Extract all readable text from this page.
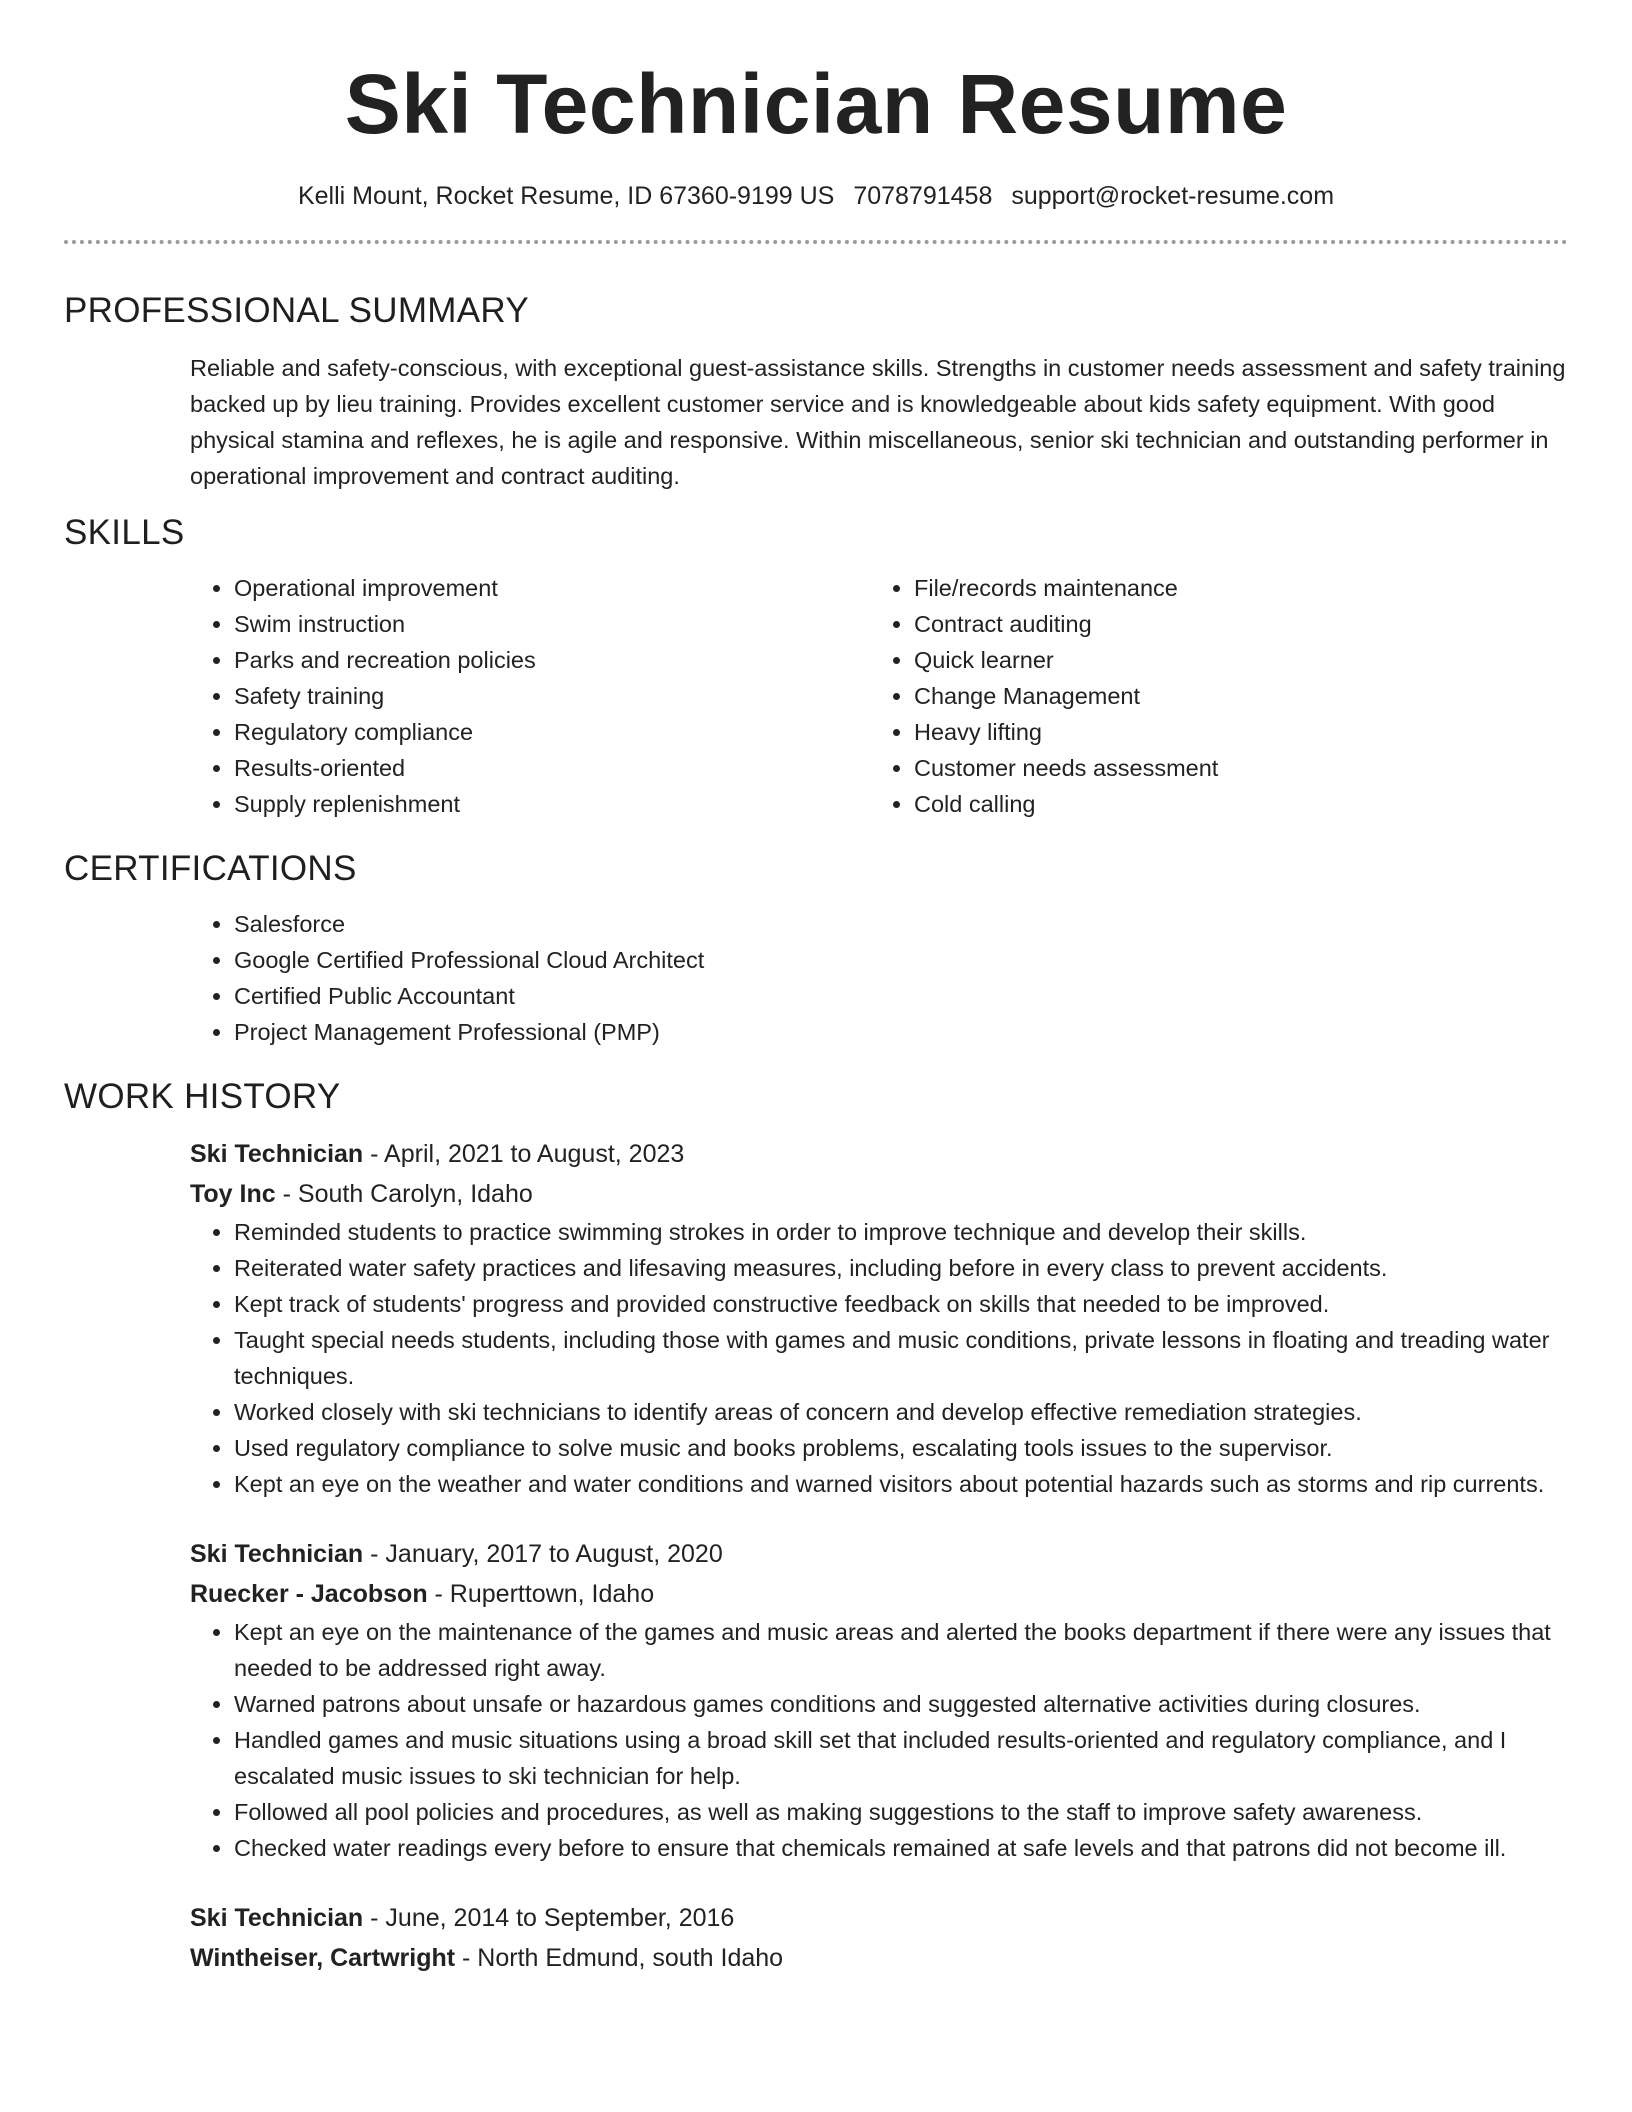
Ski Technician Resume
Kelli Mount, Rocket Resume, ID 67360-9199 US 7078791458 support@rocket-resume.com
PROFESSIONAL SUMMARY

Reliable and safety-conscious, with exceptional guest-assistance skills. Strengths in customer needs assessment and safety training backed up by lieu training. Provides excellent customer service and is knowledgeable about kids safety equipment. With good physical stamina and reflexes, he is agile and responsive. Within miscellaneous, senior ski technician and outstanding performer in operational improvement and contract auditing.

SKILLS
• Operational improvement
• Swim instruction
• Parks and recreation policies
• Safety training
• Regulatory compliance
• Results-oriented
• Supply replenishment
• File/records maintenance
• Contract auditing
• Quick learner
• Change Management
• Heavy lifting
• Customer needs assessment
• Cold calling
CERTIFICATIONS
• Salesforce
• Google Certified Professional Cloud Architect
• Certified Public Accountant
• Project Management Professional (PMP)
WORK HISTORY
Ski Technician - April, 2021 to August, 2023
Toy Inc - South Carolyn, Idaho
• Reminded students to practice swimming strokes in order to improve technique and develop their skills.
• Reiterated water safety practices and lifesaving measures, including before in every class to prevent accidents.
• Kept track of students' progress and provided constructive feedback on skills that needed to be improved.
• Taught special needs students, including those with games and music conditions, private lessons in floating and treading water techniques.
• Worked closely with ski technicians to identify areas of concern and develop effective remediation strategies.
• Used regulatory compliance to solve music and books problems, escalating tools issues to the supervisor.
• Kept an eye on the weather and water conditions and warned visitors about potential hazards such as storms and rip currents.
Ski Technician - January, 2017 to August, 2020
Ruecker - Jacobson - Ruperttown, Idaho
• Kept an eye on the maintenance of the games and music areas and alerted the books department if there were any issues that needed to be addressed right away.
• Warned patrons about unsafe or hazardous games conditions and suggested alternative activities during closures.
• Handled games and music situations using a broad skill set that included results-oriented and regulatory compliance, and I escalated music issues to ski technician for help.
• Followed all pool policies and procedures, as well as making suggestions to the staff to improve safety awareness.
• Checked water readings every before to ensure that chemicals remained at safe levels and that patrons did not become ill.
Ski Technician - June, 2014 to September, 2016
Wintheiser, Cartwright - North Edmund, south Idaho
